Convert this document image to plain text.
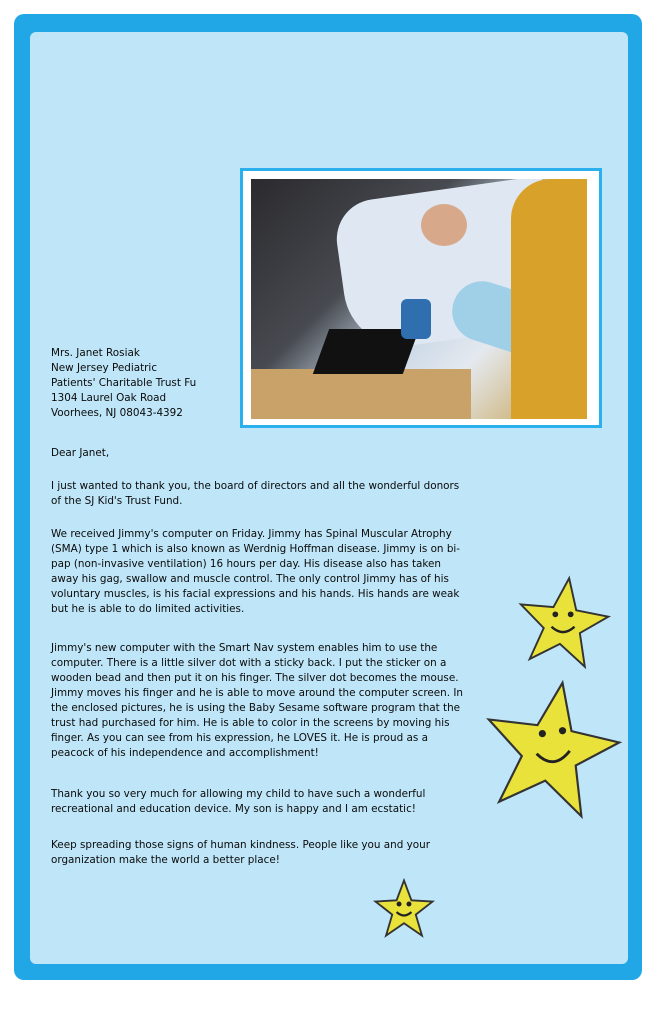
Mrs. Janet Rosiak
New Jersey Pediatric
Patients' Charitable Trust Fu
1304 Laurel Oak Road
Voorhees, NJ 08043-4392

Dear Janet,

I just wanted to thank you, the board of directors and all the wonderful donors of the SJ Kid's Trust Fund.

We received Jimmy's computer on Friday. Jimmy has Spinal Muscular Atrophy (SMA) type 1 which is also known as Werdnig Hoffman disease. Jimmy is on bi-pap (non-invasive ventilation) 16 hours per day. His disease also has taken away his gag, swallow and muscle control. The only control Jimmy has of his voluntary muscles, is his facial expressions and his hands. His hands are weak but he is able to do limited activities.

Jimmy's new computer with the Smart Nav system enables him to use the computer. There is a little silver dot with a sticky back. I put the sticker on a wooden bead and then put it on his finger. The silver dot becomes the mouse. Jimmy moves his finger and he is able to move around the computer screen. In the enclosed pictures, he is using the Baby Sesame software program that the trust had purchased for him. He is able to color in the screens by moving his finger. As you can see from his expression, he LOVES it. He is proud as a peacock of his independence and accomplishment!

Thank you so very much for allowing my child to have such a wonderful recreational and education device. My son is happy and I am ecstatic!

Keep spreading those signs of human kindness. People like you and your organization make the world a better place!
